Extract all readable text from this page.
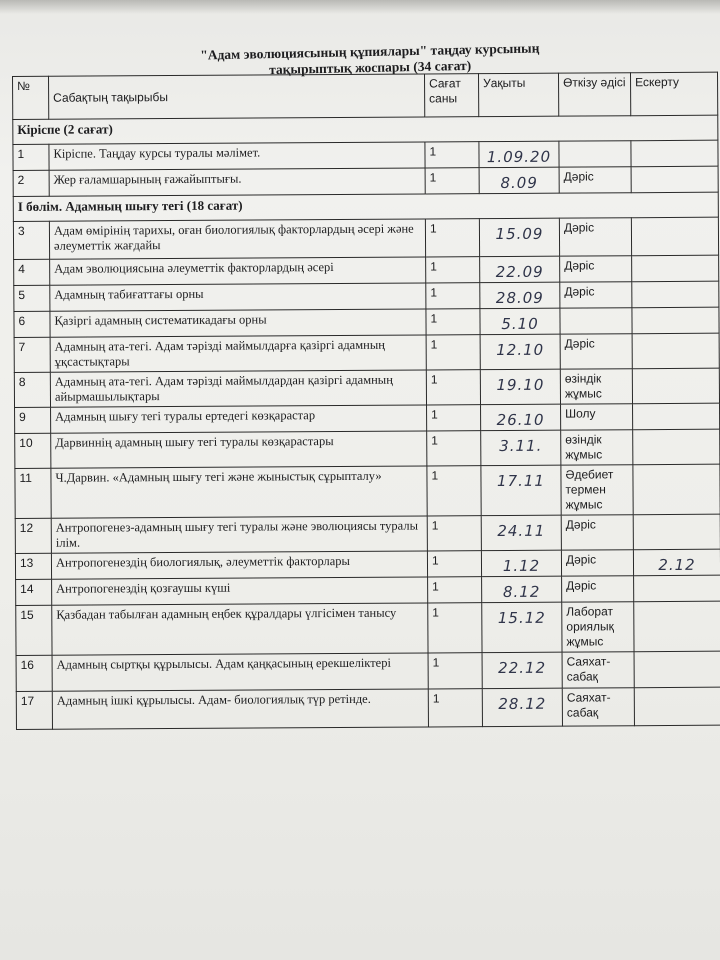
"Адам эволюциясының құпиялары" таңдау курсының
тақырыптық жоспары (34 сағат)
№	Сабақтың тақырыбы	Сағат саны	Уақыты	Өткізу әдісі	Ескерту
Кіріспе (2 сағат)					
1	Кіріспе. Таңдау курсы туралы мәлімет.	1	1.09.20		

2	Жер ғаламшарының ғажайыптығы.	1	8.09	Дәріс	

І бөлім. Адамның шығу тегі (18 сағат)					
3	Адам өмірінің тарихы, оған биологиялық факторлардың әсері және әлеуметтік жағдайы	1	15.09	Дәріс	

4	Адам эволюциясына әлеуметтік факторлардың әсері	1	22.09	Дәріс	

5	Адамның табиғаттағы орны	1	28.09	Дәріс	

6	Қазіргі адамның систематикадағы орны	1	5.10		

7	Адамның ата-тегі. Адам тәрізді маймылдарға қазіргі адамның ұқсастықтары	1	12.10	Дәріс	

8	Адамның ата-тегі. Адам тәрізді маймылдардан қазіргі адамның айырмашылықтары	1	19.10	өзіндік жұмыс	

9	Адамның шығу тегі туралы ертедегі көзқарастар	1	26.10	Шолу	

10	Дарвиннің адамның шығу тегі туралы көзқарастары	1	3.11.	өзіндік жұмыс	

11	Ч.Дарвин. «Адамның шығу тегі және жыныстық сұрыпталу»	1	17.11	Әдебиет термен жұмыс	

12	Антропогенез-адамның шығу тегі туралы және эволюциясы туралы ілім.	1	24.11	Дәріс	

13	Антропогенездің биологиялық, әлеуметтік факторлары	1	1.12	Дәріс	2.12

14	Антропогенездің қозғаушы күші	1	8.12	Дәріс	

15	Қазбадан табылған адамның еңбек құралдары үлгісімен танысу	1	15.12	Лаборат ориялық жұмыс	

16	Адамның сыртқы құрылысы. Адам қаңқасының ерекшеліктері	1	22.12	Саяхат-сабақ	

17	Адамның ішкі құрылысы. Адам- биологиялық түр ретінде.	1	28.12	Саяхат-сабақ	
